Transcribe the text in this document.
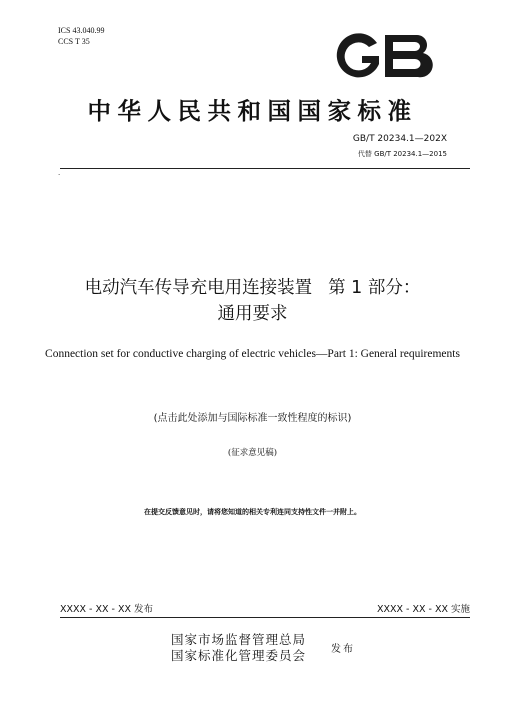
ICS 43.040.99
CCS T 35
中华人民共和国国家标准
GB/T 20234.1—202X
代替 GB/T 20234.1—2015
.
电动汽车传导充电用连接装置 第 1 部分：
通用要求
Connection set for conductive charging of electric vehicles—Part 1: General requirements
(点击此处添加与国际标准一致性程度的标识)
(征求意见稿)
在提交反馈意见时，请将您知道的相关专利连同支持性文件一并附上。
XXXX - XX - XX 发布	XXXX - XX - XX 实施
国家市场监督管理总局
国家标准化管理委员会 发布
